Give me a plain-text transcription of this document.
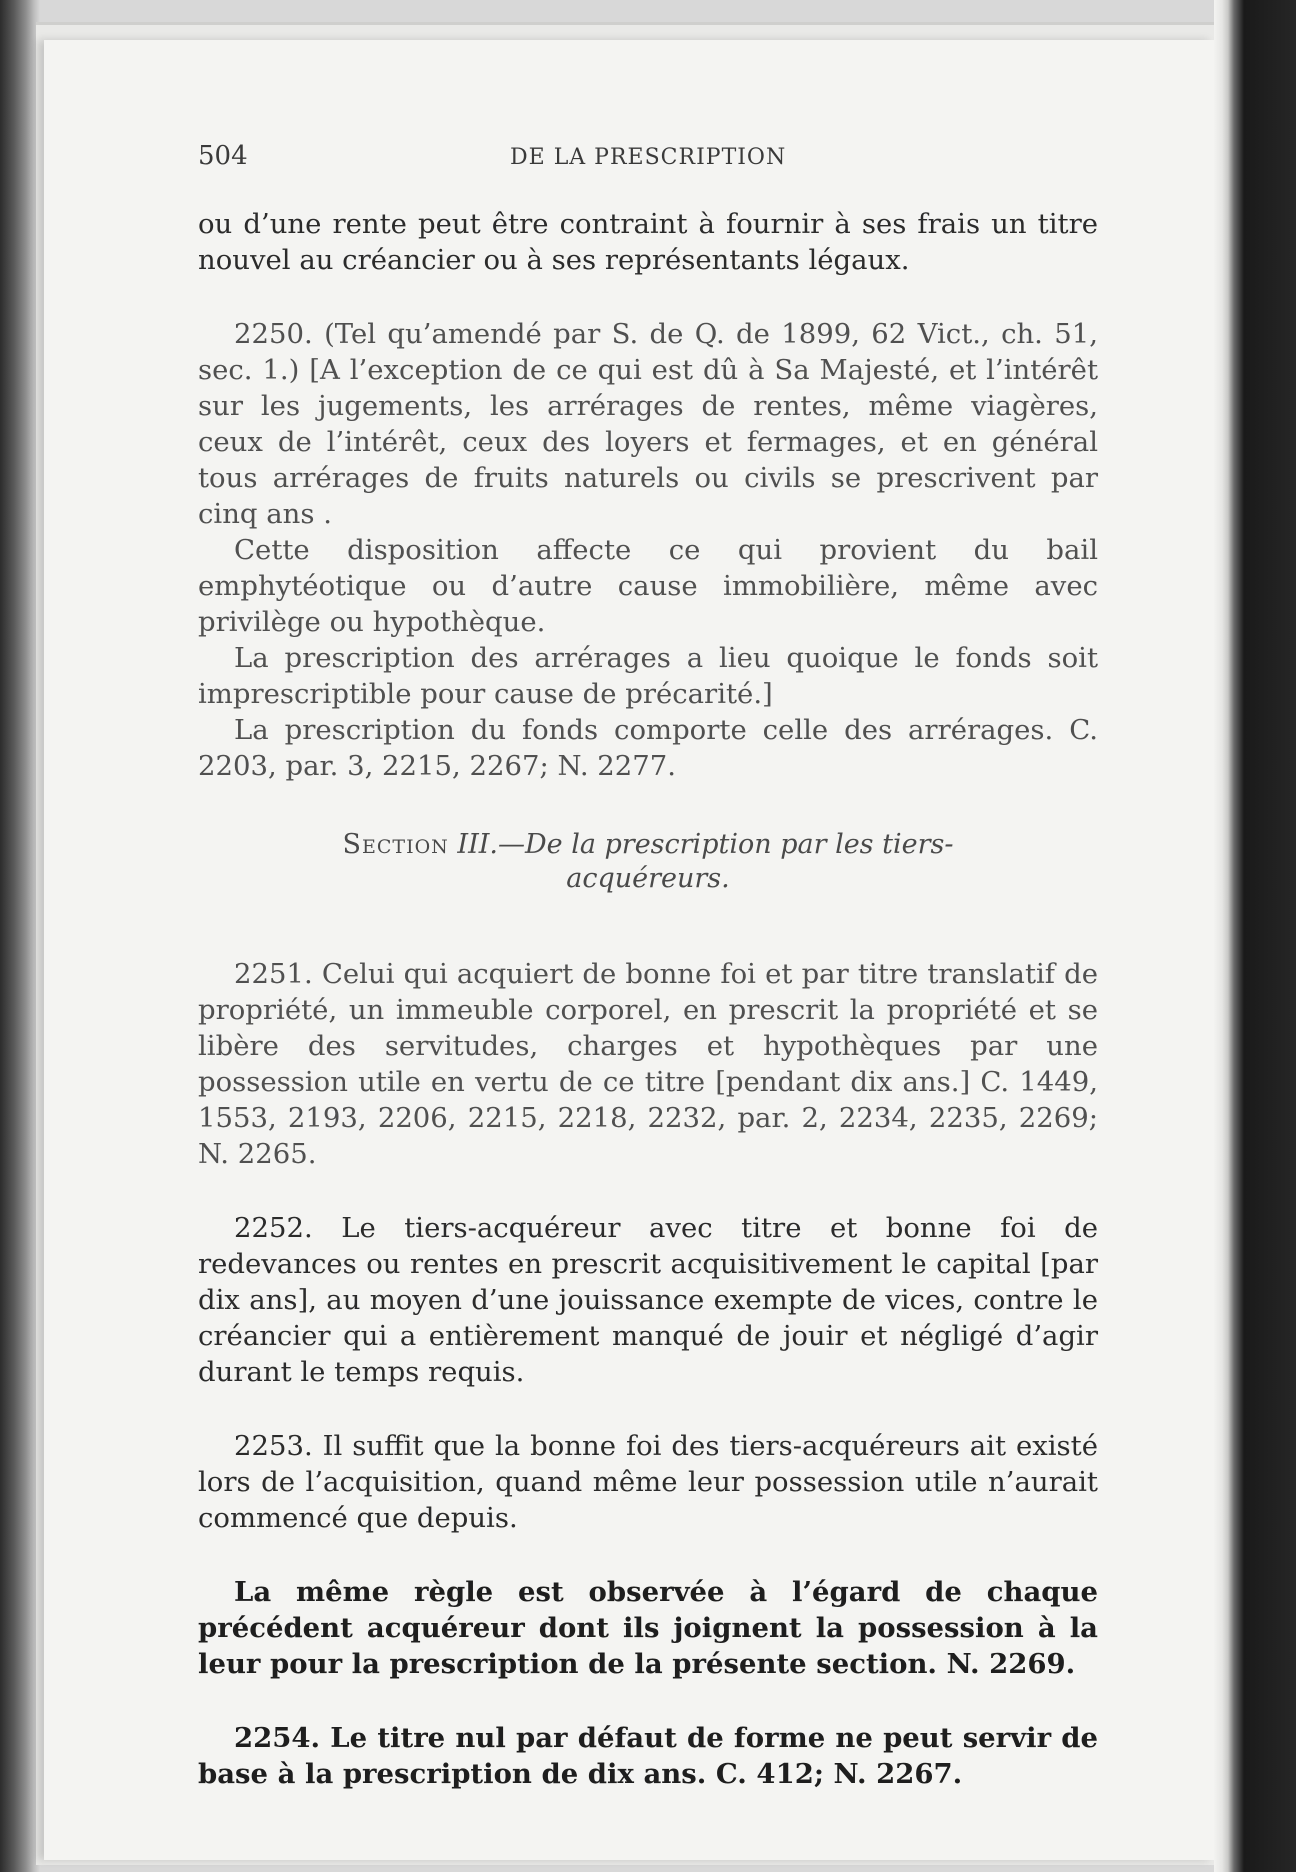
504	DE LA PRESCRIPTION

ou d’une rente peut être contraint à fournir à ses frais un titre nouvel au créancier ou à ses représentants légaux.

2250. (Tel qu’amendé par S. de Q. de 1899, 62 Vict., ch. 51, sec. 1.) [A l’exception de ce qui est dû à Sa Majesté, et l’intérêt sur les jugements, les arrérages de rentes, même viagères, ceux de l’intérêt, ceux des loyers et fermages, et en général tous arrérages de fruits naturels ou civils se prescrivent par cinq ans .

Cette disposition affecte ce qui provient du bail emphytéotique ou d’autre cause immobilière, même avec privilège ou hypothèque.

La prescription des arrérages a lieu quoique le fonds soit imprescriptible pour cause de précarité.]

La prescription du fonds comporte celle des arrérages. C. 2203, par. 3, 2215, 2267; N. 2277.

Section III.—De la prescription par les tiers-
acquéreurs.

2251. Celui qui acquiert de bonne foi et par titre translatif de propriété, un immeuble corporel, en prescrit la propriété et se libère des servitudes, charges et hypothèques par une possession utile en vertu de ce titre [pendant dix ans.] C. 1449, 1553, 2193, 2206, 2215, 2218, 2232, par. 2, 2234, 2235, 2269; N. 2265.

2252. Le tiers-acquéreur avec titre et bonne foi de redevances ou rentes en prescrit acquisitivement le capital [par dix ans], au moyen d’une jouissance exempte de vices, contre le créancier qui a entièrement manqué de jouir et négligé d’agir durant le temps requis.

2253. Il suffit que la bonne foi des tiers-acquéreurs ait existé lors de l’acquisition, quand même leur possession utile n’aurait commencé que depuis.

La même règle est observée à l’égard de chaque précédent acquéreur dont ils joignent la possession à la leur pour la prescription de la présente section. N. 2269.

2254. Le titre nul par défaut de forme ne peut servir de base à la prescription de dix ans. C. 412; N. 2267.
